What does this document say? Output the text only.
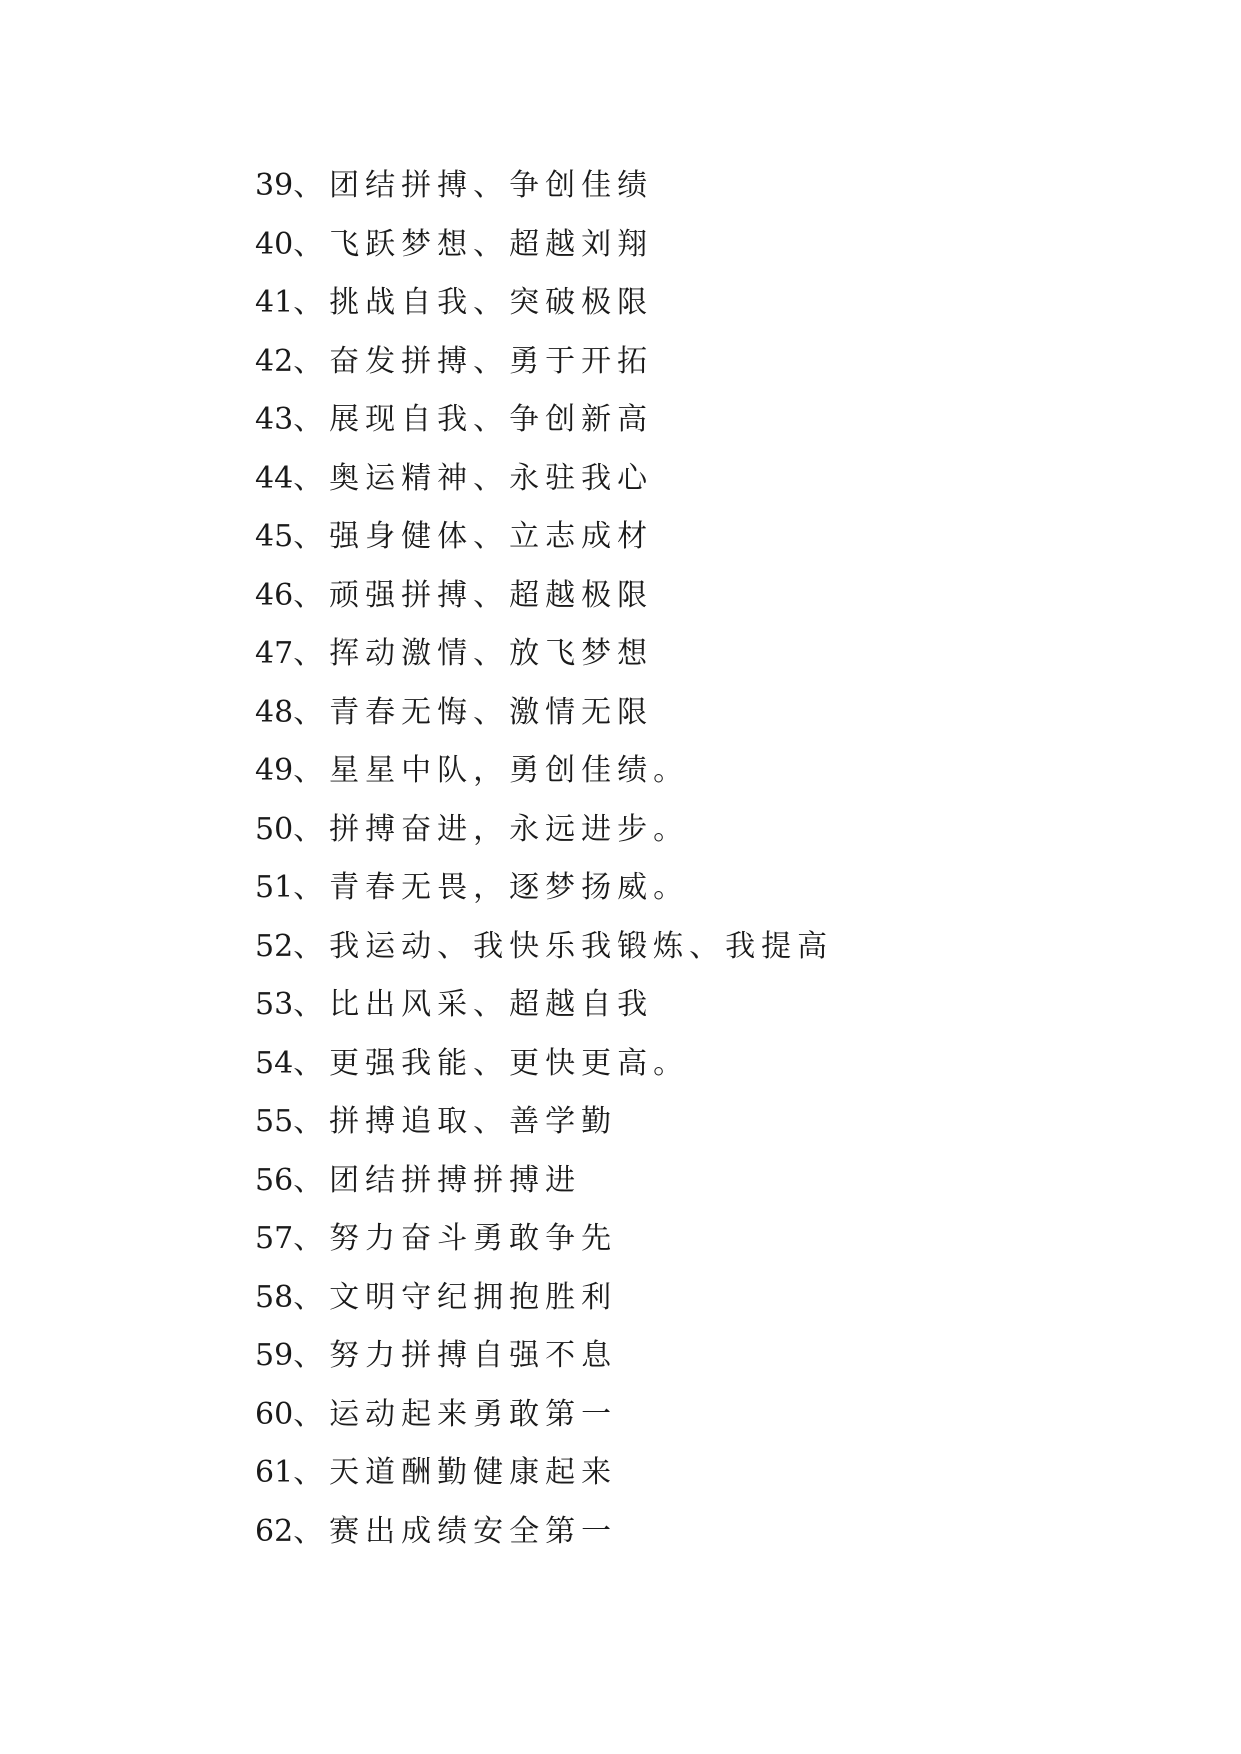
39、团结拼搏、争创佳绩
40、飞跃梦想、超越刘翔
41、挑战自我、突破极限
42、奋发拼搏、勇于开拓
43、展现自我、争创新高
44、奥运精神、永驻我心
45、强身健体、立志成材
46、顽强拼搏、超越极限
47、挥动激情、放飞梦想
48、青春无悔、激情无限
49、星星中队，勇创佳绩。
50、拼搏奋进，永远进步。
51、青春无畏，逐梦扬威。
52、我运动、我快乐我锻炼、我提高
53、比出风采、超越自我
54、更强我能、更快更高。
55、拼搏追取、善学勤
56、团结拼搏拼搏进
57、努力奋斗勇敢争先
58、文明守纪拥抱胜利
59、努力拼搏自强不息
60、运动起来勇敢第一
61、天道酬勤健康起来
62、赛出成绩安全第一
